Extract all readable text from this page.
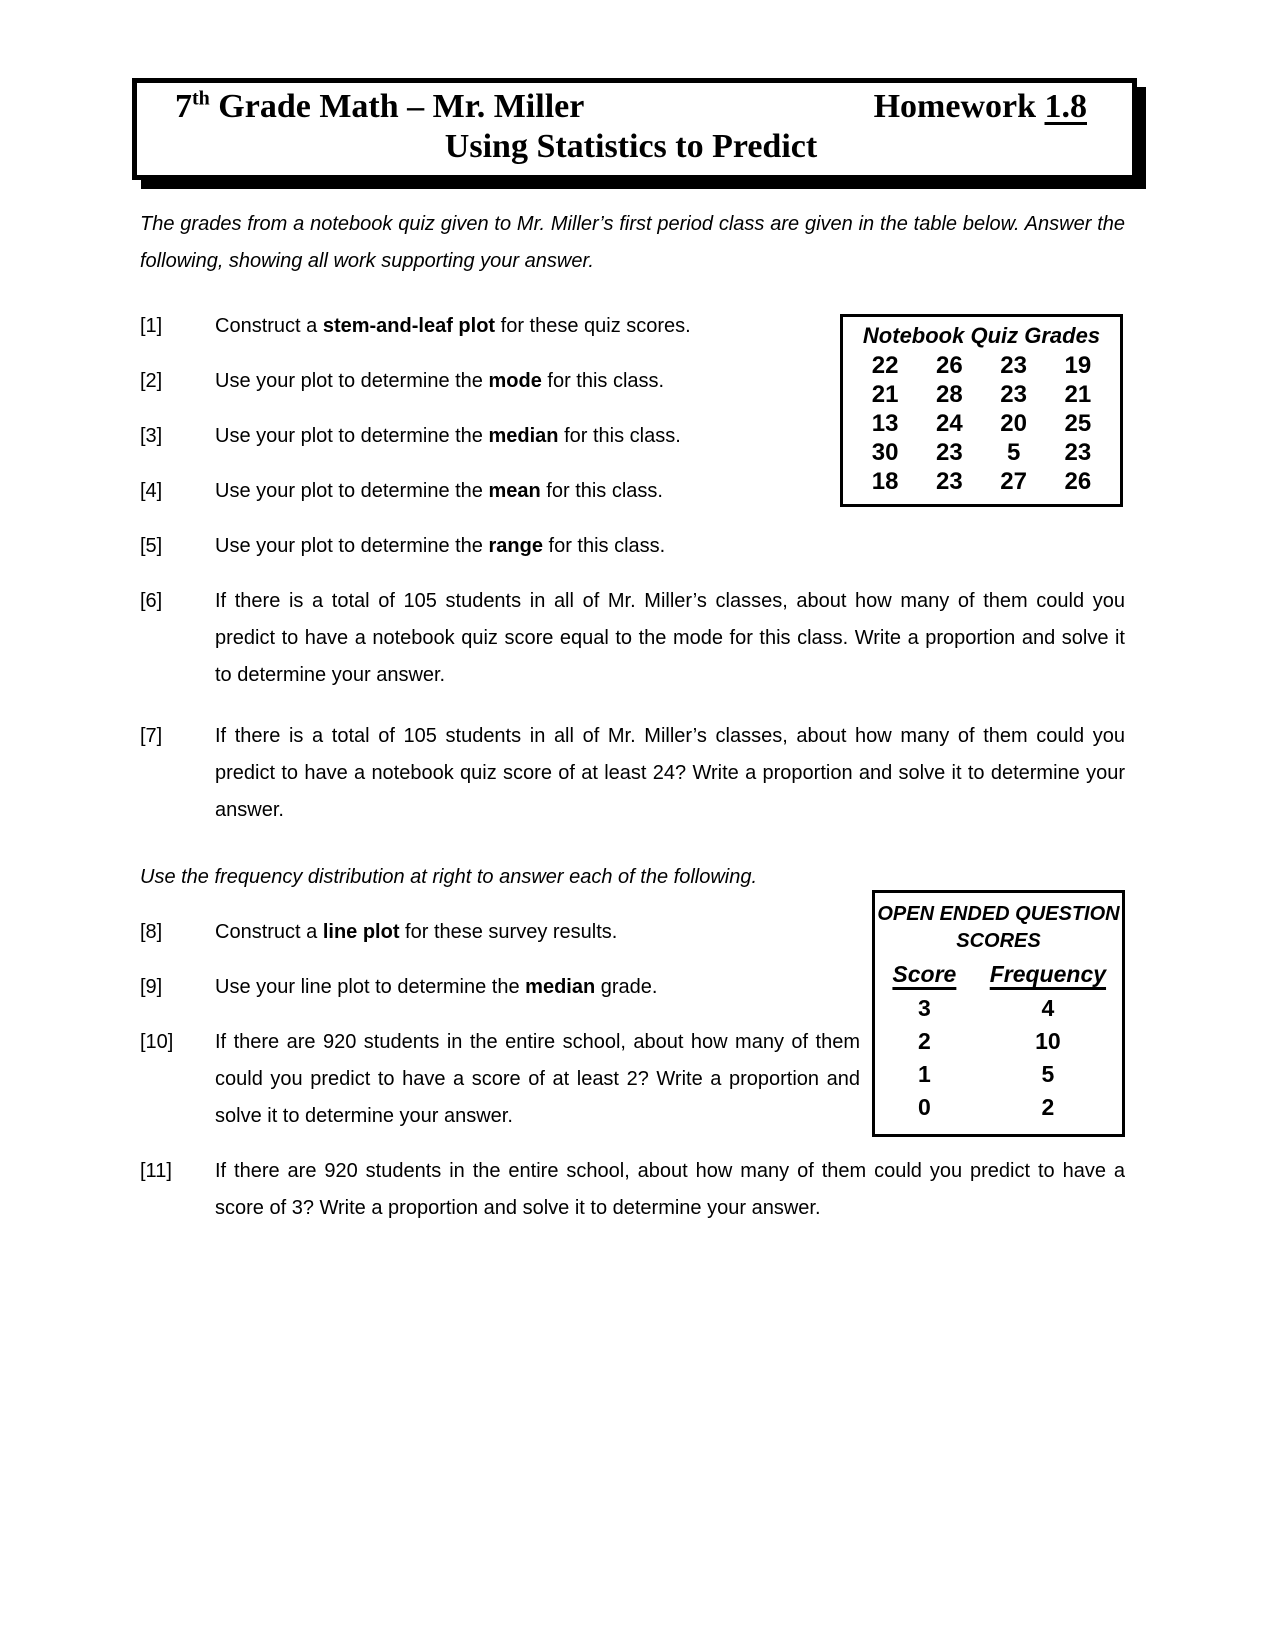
7th Grade Math – Mr. Miller	Homework 1.8
Using Statistics to Predict

The grades from a notebook quiz given to Mr. Miller’s first period class are given in the table below. Answer the following, showing all work supporting your answer.

[1]	Construct a stem-and-leaf plot for these quiz scores.
[2]	Use your plot to determine the mode for this class.
[3]	Use your plot to determine the median for this class.
[4]	Use your plot to determine the mean for this class.
[5]	Use your plot to determine the range for this class.
[6]	If there is a total of 105 students in all of Mr. Miller’s classes, about how many of them could you predict to have a notebook quiz score equal to the mode for this class. Write a proportion and solve it to determine your answer.
[7]	If there is a total of 105 students in all of Mr. Miller’s classes, about how many of them could you predict to have a notebook quiz score of at least 24? Write a proportion and solve it to determine your answer.

Use the frequency distribution at right to answer each of the following.

[8]	Construct a line plot for these survey results.
[9]	Use your line plot to determine the median grade.
[10]	If there are 920 students in the entire school, about how many of them could you predict to have a score of at least 2? Write a proportion and solve it to determine your answer.
[11]	If there are 920 students in the entire school, about how many of them could you predict to have a score of 3? Write a proportion and solve it to determine your answer.
Notebook Quiz Grades
22	26	23	19
21	28	23	21
13	24	20	25
30	23	5	23
18	23	27	26
OPEN ENDED QUESTION
SCORES
Score Frequency
3	4
2	10
1	5
0	2
